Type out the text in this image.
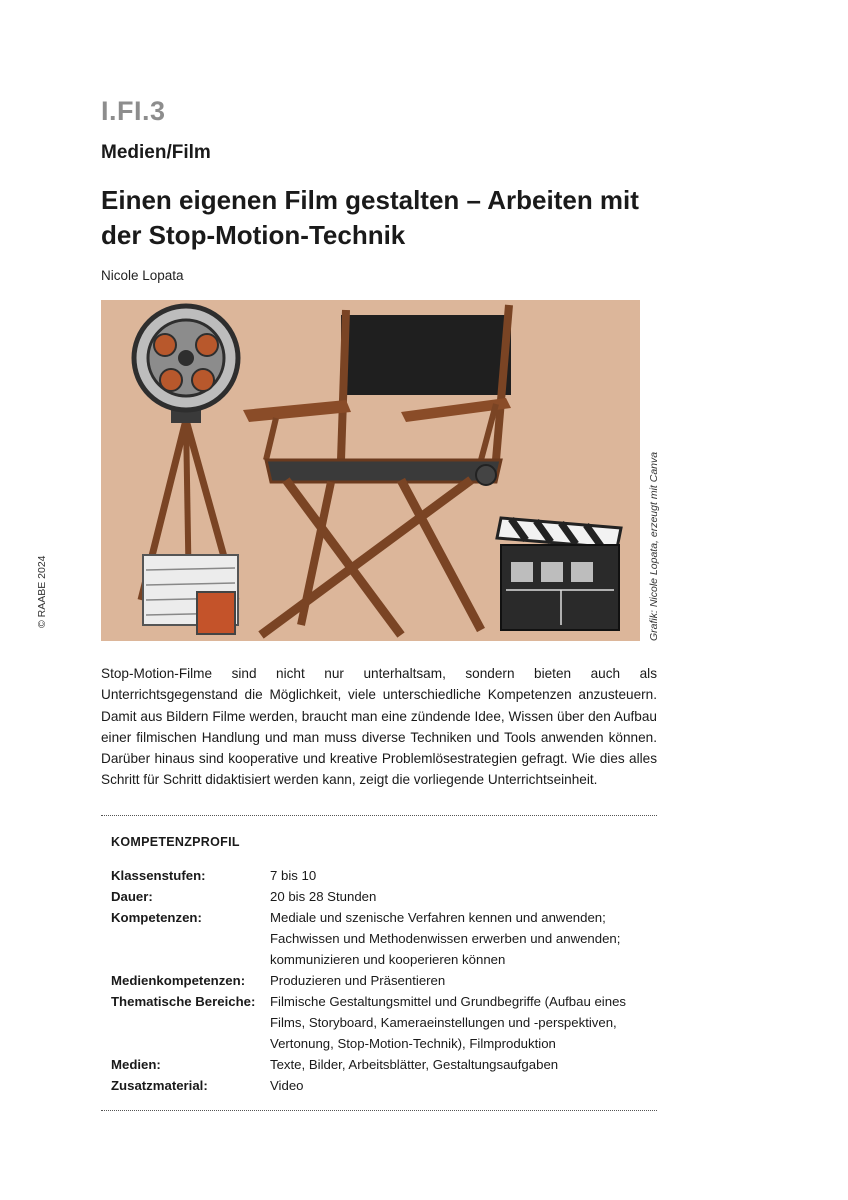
I.FI.3
Medien/Film
Einen eigenen Film gestalten – Arbeiten mit der Stop-Motion-Technik
Nicole Lopata
Grafik: Nicole Lopata, erzeugt mit Canva
© RAABE 2024
Stop-Motion-Filme sind nicht nur unterhaltsam, sondern bieten auch als Unterrichtsgegenstand die Möglichkeit, viele unterschiedliche Kompetenzen anzusteuern. Damit aus Bildern Filme werden, braucht man eine zündende Idee, Wissen über den Aufbau einer filmischen Handlung und man muss diverse Techniken und Tools anwenden können. Darüber hinaus sind kooperative und kreative Problemlösestrategien gefragt. Wie dies alles Schritt für Schritt didaktisiert werden kann, zeigt die vorliegende Unterrichtseinheit.
KOMPETENZPROFIL
Klassenstufen:	7 bis 10
Dauer:	20 bis 28 Stunden
Kompetenzen:	Mediale und szenische Verfahren kennen und anwenden; Fachwissen und Methodenwissen erwerben und anwenden; kommunizieren und kooperieren können
Medienkompetenzen:	Produzieren und Präsentieren
Thematische Bereiche:	Filmische Gestaltungsmittel und Grundbegriffe (Aufbau eines Films, Storyboard, Kameraeinstellungen und -perspektiven, Vertonung, Stop-Motion-Technik), Filmproduktion
Medien:	Texte, Bilder, Arbeitsblätter, Gestaltungsaufgaben
Zusatzmaterial:	Video
